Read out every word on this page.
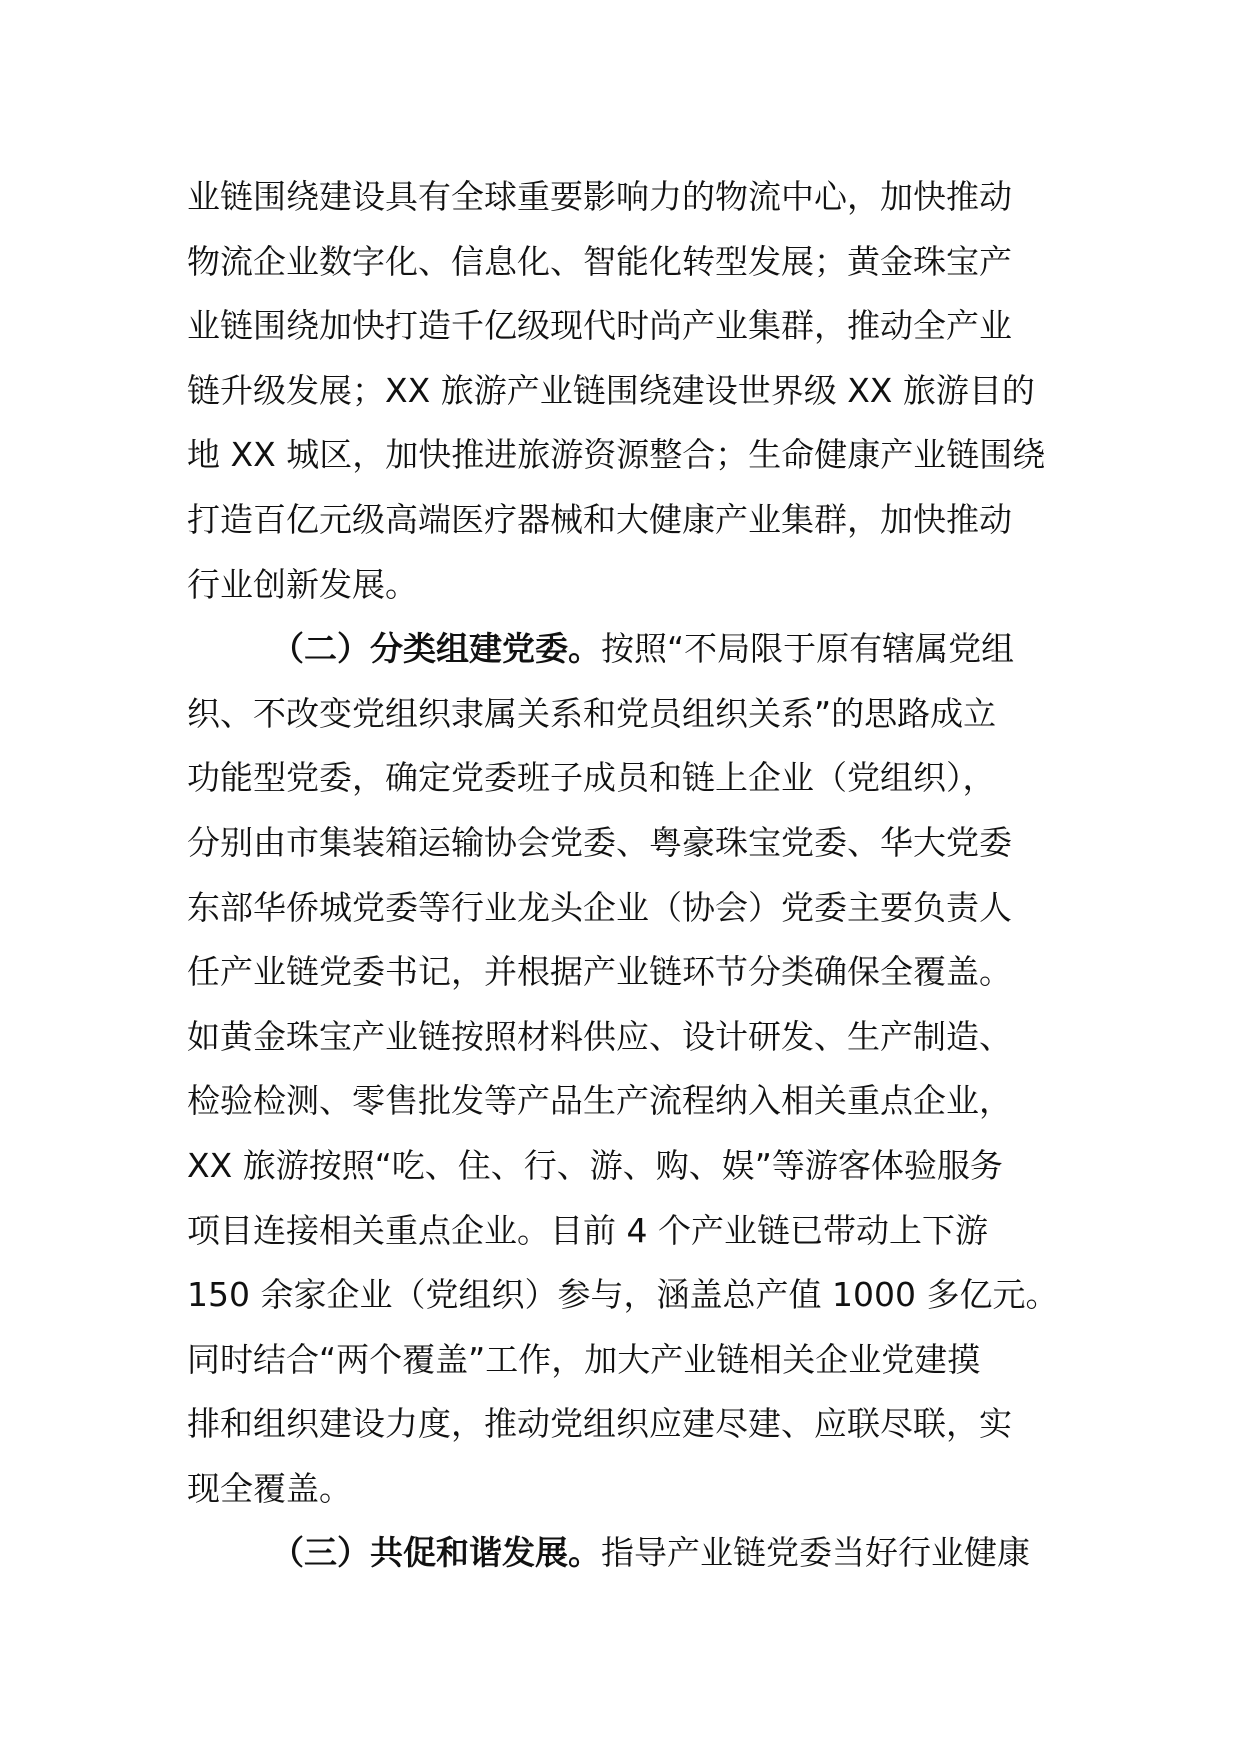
业链围绕建设具有全球重要影响力的物流中心，加快推动
物流企业数字化、信息化、智能化转型发展；黄金珠宝产
业链围绕加快打造千亿级现代时尚产业集群，推动全产业
链升级发展；XX 旅游产业链围绕建设世界级 XX 旅游目的
地 XX 城区，加快推进旅游资源整合；生命健康产业链围绕
打造百亿元级高端医疗器械和大健康产业集群，加快推动
行业创新发展。
（二）分类组建党委。按照“不局限于原有辖属党组
织、不改变党组织隶属关系和党员组织关系”的思路成立
功能型党委，确定党委班子成员和链上企业（党组织），
分别由市集装箱运输协会党委、粤豪珠宝党委、华大党委
东部华侨城党委等行业龙头企业（协会）党委主要负责人
任产业链党委书记，并根据产业链环节分类确保全覆盖。
如黄金珠宝产业链按照材料供应、设计研发、生产制造、
检验检测、零售批发等产品生产流程纳入相关重点企业，
XX 旅游按照“吃、住、行、游、购、娱”等游客体验服务
项目连接相关重点企业。目前 4 个产业链已带动上下游
150 余家企业（党组织）参与，涵盖总产值 1000 多亿元。
同时结合“两个覆盖”工作，加大产业链相关企业党建摸
排和组织建设力度，推动党组织应建尽建、应联尽联，实
现全覆盖。
（三）共促和谐发展。指导产业链党委当好行业健康
